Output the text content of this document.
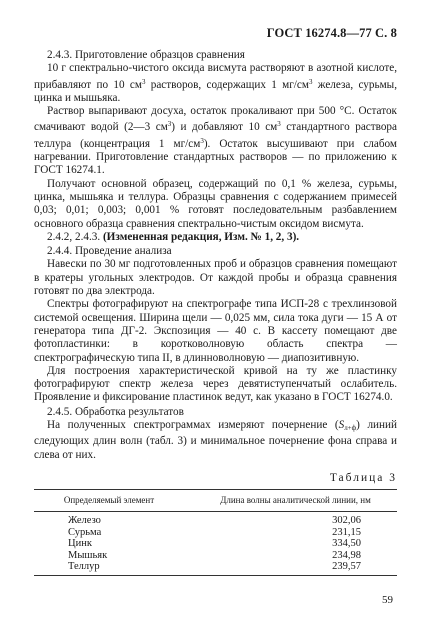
ГОСТ 16274.8—77 С. 8

2.4.3. Приготовление образцов сравнения

10 г спектрально-чистого оксида висмута растворяют в азотной кислоте, прибавляют по 10 $см^3$ растворов, содержащих 1 $мг/см^3$ железа, сурьмы, цинка и мышьяка.

Раствор выпаривают досуха, остаток прокаливают при 500 °С. Остаток смачивают водой (2—3 $см^3$) и добавляют 10 $см^3$ стандартного раствора теллура (концентрация 1 $мг/см^3$). Остаток высушивают при слабом нагревании. Приготовление стандартных растворов — по приложению к ГОСТ 16274.1.

Получают основной образец, содержащий по 0,1 % железа, сурьмы, цинка, мышьяка и теллура. Образцы сравнения с содержанием примесей 0,03; 0,01; 0,003; 0,001 % готовят последовательным разбавлением основного образца сравнения спектрально-чистым оксидом висмута.

2.4.2, 2.4.3. (Измененная редакция, Изм. № 1, 2, 3).

2.4.4. Проведение анализа

Навески по 30 мг подготовленных проб и образцов сравнения помещают в кратеры угольных электродов. От каждой пробы и образца сравнения готовят по два электрода.

Спектры фотографируют на спектрографе типа ИСП-28 с трехлинзовой системой освещения. Ширина щели — 0,025 мм, сила тока дуги — 15 А от генератора типа ДГ-2. Экспозиция — 40 с. В кассету помещают две фотопластинки: в коротковолновую область спектра — спектрографическую типа II, в длинноволновую — диапозитивную.

Для построения характеристической кривой на ту же пластинку фотографируют спектр железа через девятиступенчатый ослабитель. Проявление и фиксирование пластинок ведут, как указано в ГОСТ 16274.0.

2.4.5. Обработка результатов

На полученных спектрограммах измеряют почернение $(S_{л+ф})$ линий следующих длин волн (табл. 3) и минимальное почернение фона справа и слева от них.

Таблица 3

Определяемый элемент	Длина волны аналитической линии, нм
Железо	302,06
Сурьма	231,15
Цинк	334,50
Мышьяк	234,98
Теллур	239,57
59
